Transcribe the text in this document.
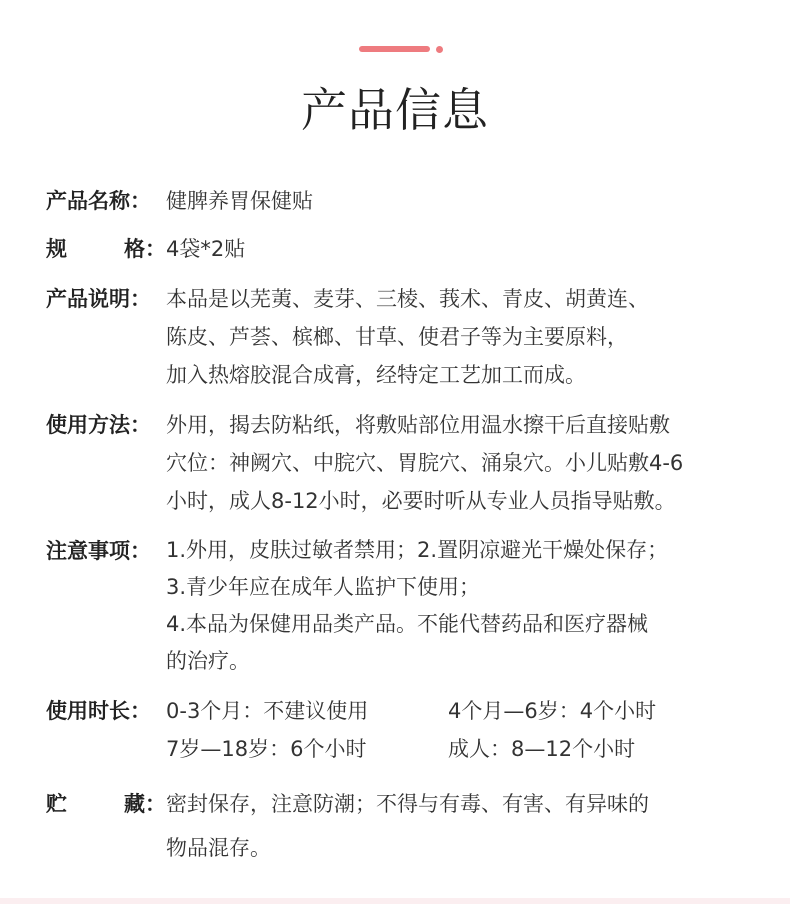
产品信息
产品名称： 健脾养胃保健贴
规	格： 4袋*2贴
产品说明： 本品是以芜荑、麦芽、三棱、莪术、青皮、胡黄连、
陈皮、芦荟、槟榔、甘草、使君子等为主要原料，
加入热熔胶混合成膏，经特定工艺加工而成。
使用方法： 外用，揭去防粘纸，将敷贴部位用温水擦干后直接贴敷
穴位：神阙穴、中脘穴、胃脘穴、涌泉穴。小儿贴敷4-6
小时，成人8-12小时，必要时听从专业人员指导贴敷。
注意事项： 1.外用，皮肤过敏者禁用；2.置阴凉避光干燥处保存；
3.青少年应在成年人监护下使用；
4.本品为保健用品类产品。不能代替药品和医疗器械
的治疗。
使用时长： 0-3个月：不建议使用	4个月—6岁：4个小时
7岁—18岁：6个小时	成人：8—12个小时
贮	藏： 密封保存，注意防潮；不得与有毒、有害、有异味的
物品混存。
